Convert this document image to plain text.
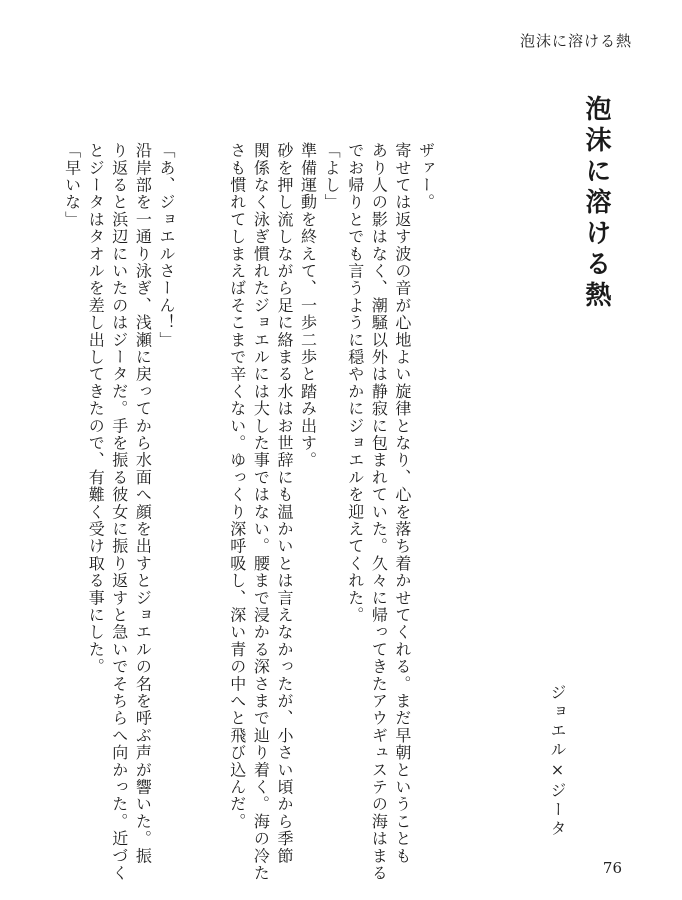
泡沫に溶ける熱
泡沫に溶ける熱
ジョエル×ジータ

ザァー。

寄せては返す波の音が心地よい旋律となり、心を落ち着かせてくれる。まだ早朝ということも

あり人の影はなく、潮騒以外は静寂に包まれていた。久々に帰ってきたアウギュステの海はまる

でお帰りとでも言うように穏やかにジョエルを迎えてくれた。

「よし」

準備運動を終えて、一歩二歩と踏み出す。

砂を押し流しながら足に絡まる水はお世辞にも温かいとは言えなかったが、小さい頃から季節

関係なく泳ぎ慣れたジョエルには大した事ではない。腰まで浸かる深さまで辿り着く。海の冷た

さも慣れてしまえばそこまで辛くない。ゆっくり深呼吸し、深い青の中へと飛び込んだ。

「あ、ジョエルさーん！」

沿岸部を一通り泳ぎ、浅瀬に戻ってから水面へ顔を出すとジョエルの名を呼ぶ声が響いた。振

り返ると浜辺にいたのはジータだ。手を振る彼女に振り返すと急いでそちらへ向かった。近づく

とジータはタオルを差し出してきたので、有難く受け取る事にした。

「早いな」

76
